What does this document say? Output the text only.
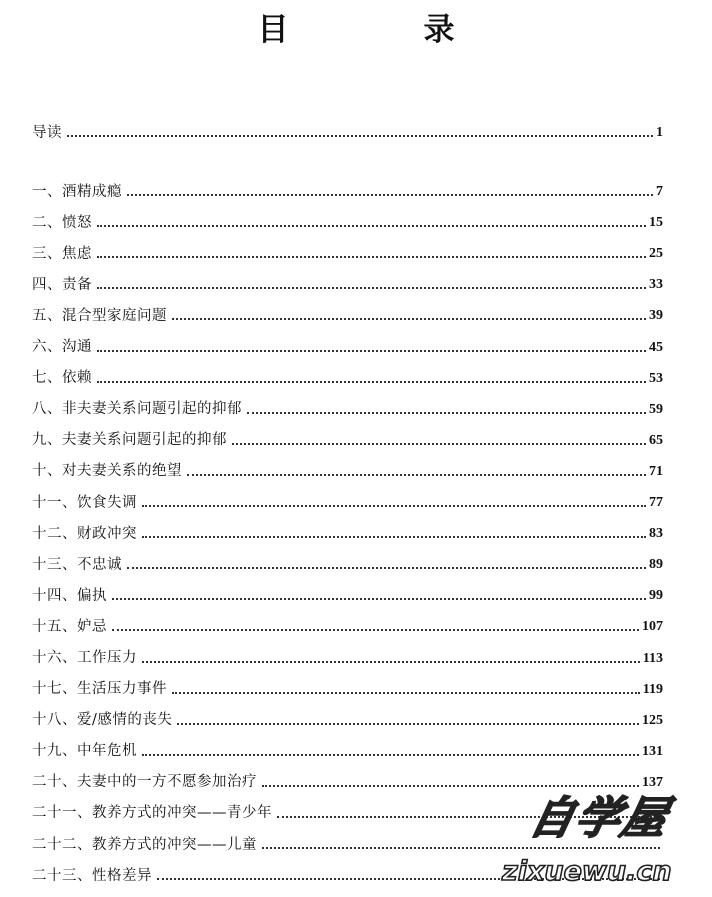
目　录
导读	1
一、酒精成瘾	7
二、愤怒	15
三、焦虑	25
四、责备	33
五、混合型家庭问题	39
六、沟通	45
七、依赖	53
八、非夫妻关系问题引起的抑郁	59
九、夫妻关系问题引起的抑郁	65
十、对夫妻关系的绝望	71
十一、饮食失调	77
十二、财政冲突	83
十三、不忠诚	89
十四、偏执	99
十五、妒忌	107
十六、工作压力	113
十七、生活压力事件	119
十八、爱/感情的丧失	125
十九、中年危机	131
二十、夫妻中的一方不愿参加治疗	137
二十一、教养方式的冲突——青少年
二十二、教养方式的冲突——儿童
二十三、性格差异
自学屋
zixuewu.cn
